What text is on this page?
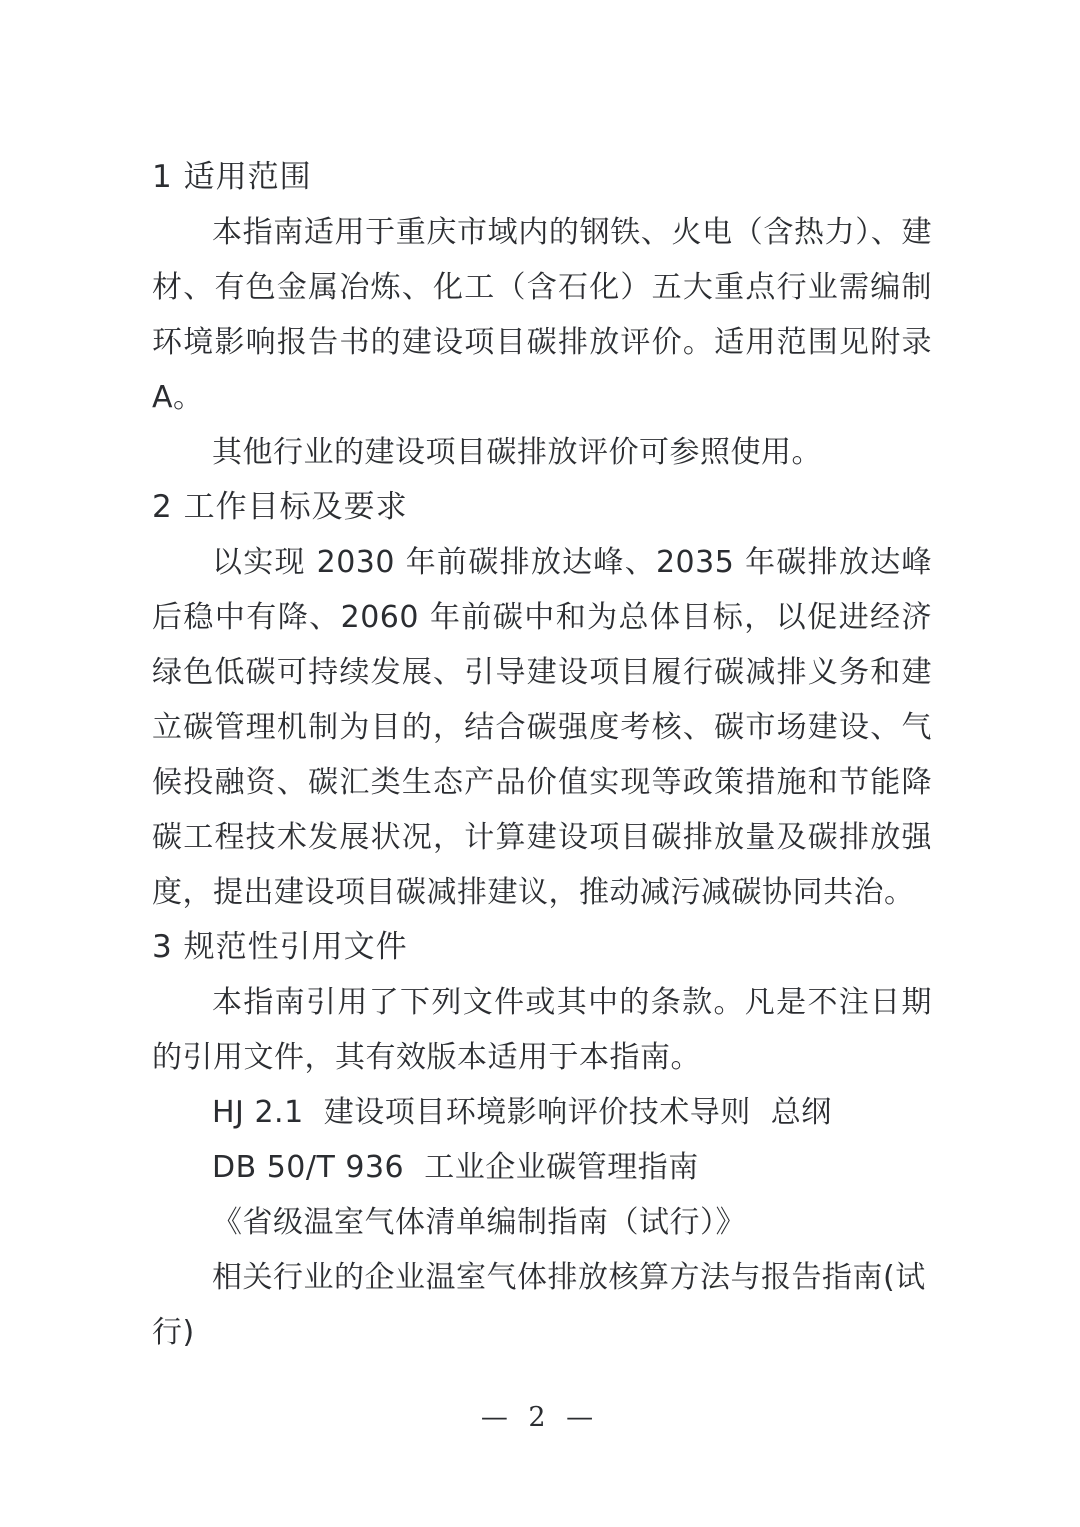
1 适用范围

本指南适用于重庆市域内的钢铁、火电（含热力）、建材、有色金属冶炼、化工（含石化）五大重点行业需编制环境影响报告书的建设项目碳排放评价。适用范围见附录 A。

其他行业的建设项目碳排放评价可参照使用。

2 工作目标及要求

以实现 2030 年前碳排放达峰、2035 年碳排放达峰后稳中有降、2060 年前碳中和为总体目标，以促进经济绿色低碳可持续发展、引导建设项目履行碳减排义务和建立碳管理机制为目的，结合碳强度考核、碳市场建设、气候投融资、碳汇类生态产品价值实现等政策措施和节能降碳工程技术发展状况，计算建设项目碳排放量及碳排放强度，提出建设项目碳减排建议，推动减污减碳协同共治。

3 规范性引用文件

本指南引用了下列文件或其中的条款。凡是不注日期的引用文件，其有效版本适用于本指南。

HJ 2.1  建设项目环境影响评价技术导则  总纲

DB 50/T 936  工业企业碳管理指南

《省级温室气体清单编制指南（试行）》

相关行业的企业温室气体排放核算方法与报告指南(试行)

— 2 —
